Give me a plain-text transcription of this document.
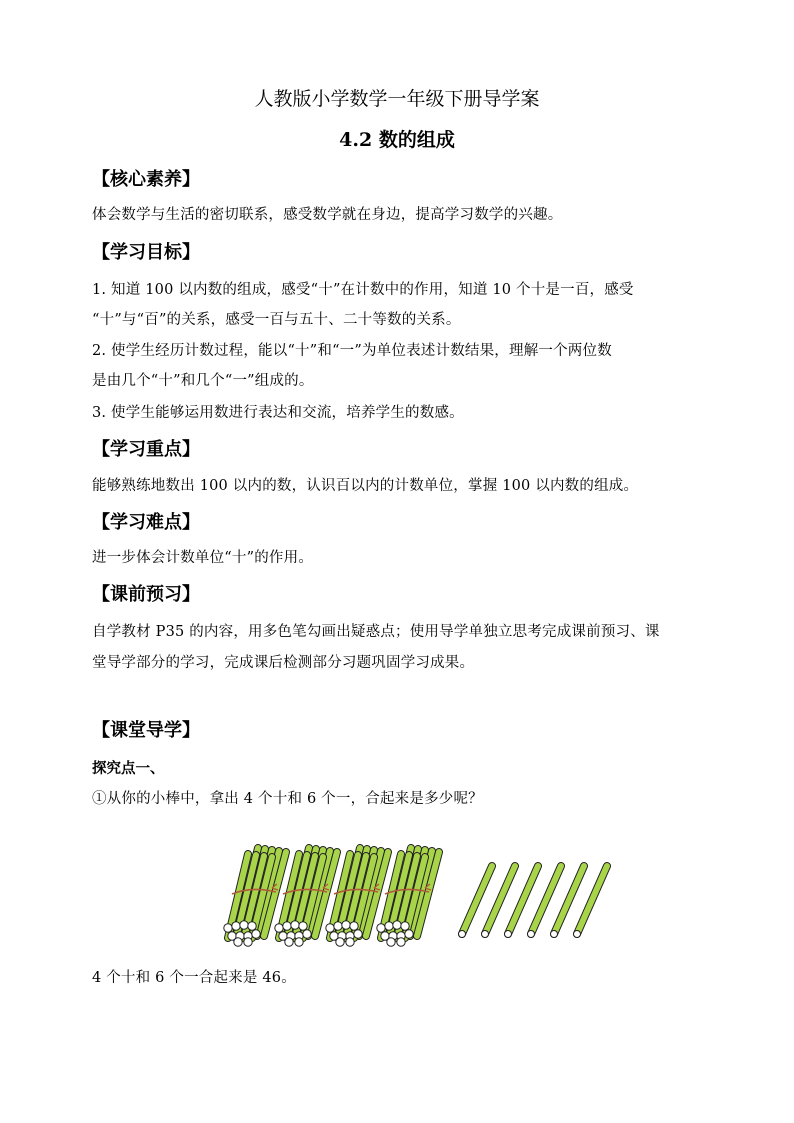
人教版小学数学一年级下册导学案
4.2 数的组成
【核心素养】
体会数学与生活的密切联系，感受数学就在身边，提高学习数学的兴趣。
【学习目标】
1. 知道 100 以内数的组成，感受“十”在计数中的作用，知道 10 个十是一百，感受
“十”与“百”的关系，感受一百与五十、二十等数的关系。
2. 使学生经历计数过程，能以“十”和“一”为单位表述计数结果，理解一个两位数
是由几个“十”和几个“一”组成的。
3. 使学生能够运用数进行表达和交流，培养学生的数感。
【学习重点】
能够熟练地数出 100 以内的数，认识百以内的计数单位，掌握 100 以内数的组成。
【学习难点】
进一步体会计数单位“十”的作用。
【课前预习】
自学教材 P35 的内容，用多色笔勾画出疑惑点；使用导学单独立思考完成课前预习、课
堂导学部分的学习，完成课后检测部分习题巩固学习成果。
【课堂导学】
探究点一、
①从你的小棒中，拿出 4 个十和 6 个一，合起来是多少呢？
4 个十和 6 个一合起来是 46。
